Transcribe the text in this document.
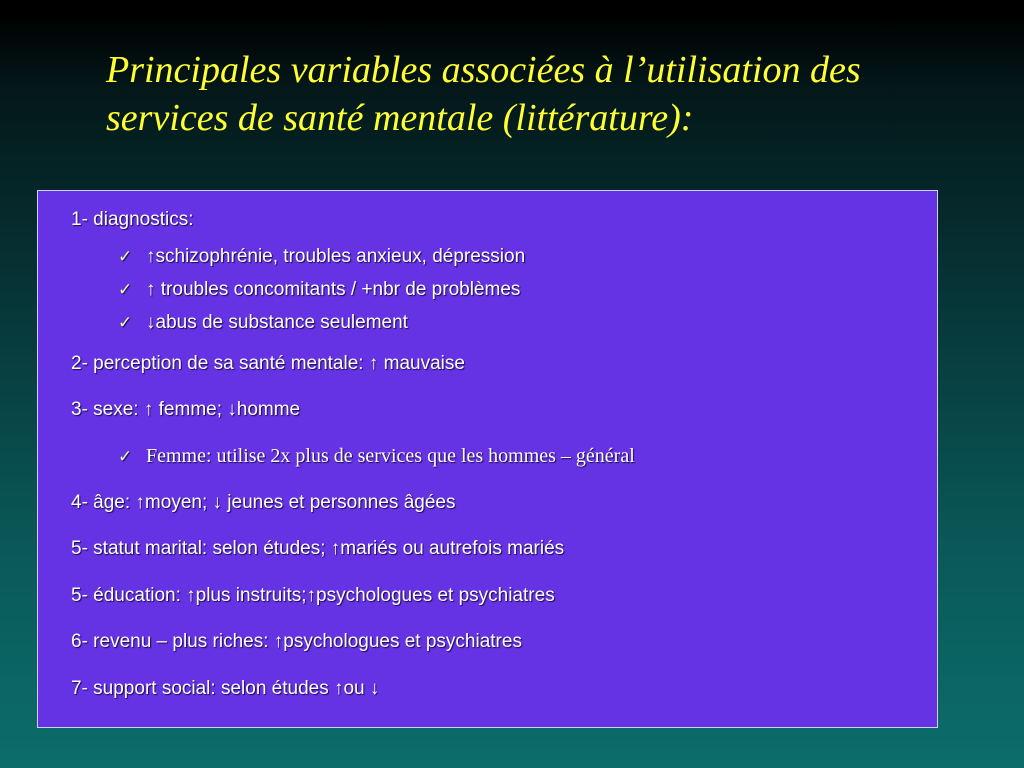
Principales variables associées à l’utilisation des
services de santé mentale (littérature):
1- diagnostics:
✓ ↑schizophrénie, troubles anxieux, dépression
✓ ↑ troubles concomitants / +nbr de problèmes
✓ ↓abus de substance seulement
2- perception de sa santé mentale: ↑ mauvaise
3- sexe: ↑ femme; ↓homme
✓ Femme: utilise 2x plus de services que les hommes – général
4- âge: ↑moyen; ↓ jeunes et personnes âgées
5- statut marital: selon études; ↑mariés ou autrefois mariés
5- éducation: ↑plus instruits;↑psychologues et psychiatres
6- revenu – plus riches: ↑psychologues et psychiatres
7- support social: selon études ↑ou ↓
